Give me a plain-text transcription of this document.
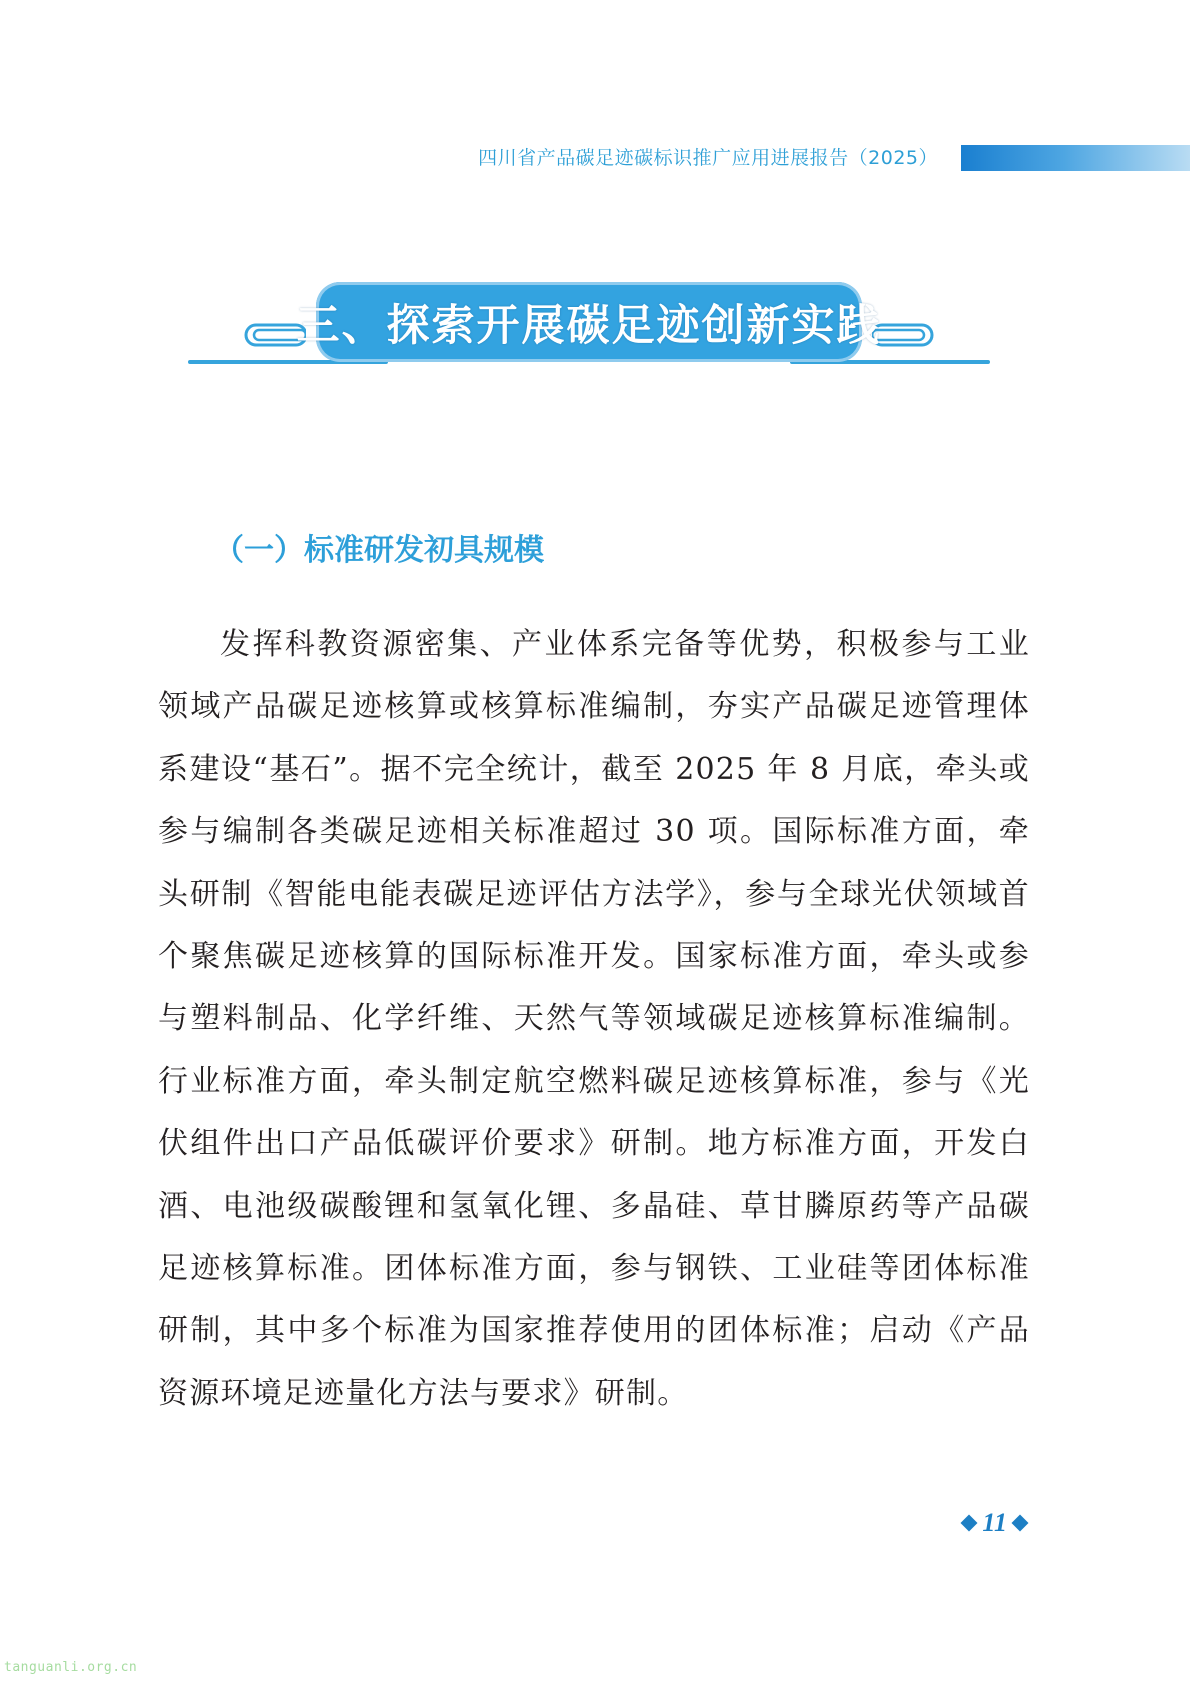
四川省产品碳足迹碳标识推广应用进展报告（2025）
三、探索开展碳足迹创新实践
（一）标准研发初具规模

发挥科教资源密集、产业体系完备等优势，积极参与工业领域产品碳足迹核算或核算标准编制，夯实产品碳足迹管理体系建设“基石”。据不完全统计，截至 2025 年 8 月底，牵头或参与编制各类碳足迹相关标准超过 30 项。国际标准方面，牵头研制《智能电能表碳足迹评估方法学》，参与全球光伏领域首个聚焦碳足迹核算的国际标准开发。国家标准方面，牵头或参与塑料制品、化学纤维、天然气等领域碳足迹核算标准编制。行业标准方面，牵头制定航空燃料碳足迹核算标准，参与《光伏组件出口产品低碳评价要求》研制。地方标准方面，开发白酒、电池级碳酸锂和氢氧化锂、多晶硅、草甘膦原药等产品碳足迹核算标准。团体标准方面，参与钢铁、工业硅等团体标准研制，其中多个标准为国家推荐使用的团体标准；启动《产品资源环境足迹量化方法与要求》研制。

11
tanguanli.org.cn
